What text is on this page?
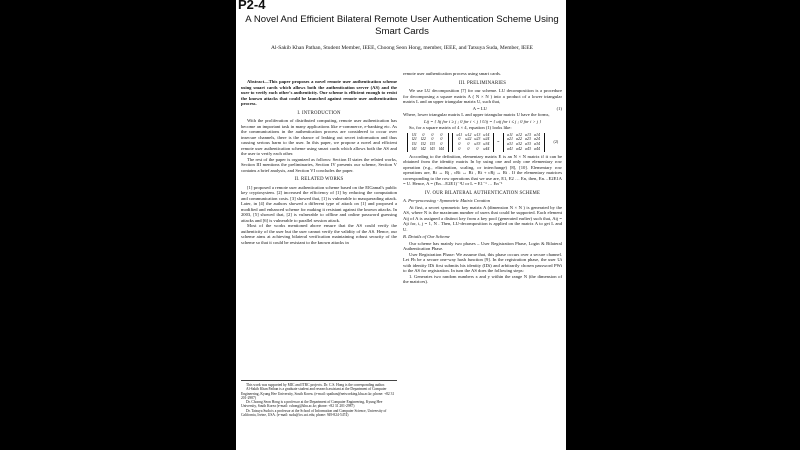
P2-4
A Novel And Efficient Bilateral Remote User Authentication Scheme Using Smart Cards
Al-Sakib Khan Pathan, Student Member, IEEE, Choong Seon Hong, member, IEEE, and Tatsuya Suda, Member, IEEE

Abstract—This paper proposes a novel remote user authentication scheme using smart cards which allows both the authentication server (AS) and the user to verify each other's authenticity. Our scheme is efficient enough to resist the known attacks that could be launched against remote user authentication process.

I. INTRODUCTION

With the proliferation of distributed computing, remote user authentication has become an important task in many applications like e-commerce, e-banking etc. As the communications in the authentication process are considered to occur over insecure channels, there is the chance of leaking out secret information and thus causing serious harm to the user. In this paper, we propose a novel and efficient remote user authentication scheme using smart cards which allows both the AS and the user to verify each other.

The rest of the paper is organized as follows: Section II states the related works, Section III mentions the preliminaries, Section IV presents our scheme, Section V contains a brief analysis, and Section VI concludes the paper.

II. RELATED WORKS

[1] proposed a remote user authentication scheme based on the ElGamal's public key cryptosystem. [2] increased the efficiency of [1] by reducing the computation and communication costs. [3] showed that, [1] is vulnerable to masquerading attack. Later, in [4] the authors showed a different type of attack on [1] and proposed a modified and enhanced scheme for making it resistant against the known attacks. In 2003, [5] showed that, [2] is vulnerable to offline and online password guessing attacks and [6] is vulnerable to parallel session attack.

Most of the works mentioned above ensure that the AS could verify the authenticity of the user but the user cannot verify the validity of the AS. Hence, our scheme aims at achieving bilateral verification maintaining robust security of the scheme so that it could be resistant to the known attacks in

This work was supported by MIC and ITRC projects. Dr. C.S. Hong is the corresponding author.

Al-Sakib Khan Pathan is a graduate student and research assistant at the Department of Computer Engineering, Kyung Hee University, South Korea. (e-mail: spathan@networking.khu.ac.kr; phone: +82 31 201-2987)

Dr. Choong Seon Hong is a professor at the Department of Computer Engineering, Kyung Hee University, South Korea (e-mail: cshong@khu.ac.kr; phone: +82 31 201-2987)

Dr. Tatsuya Suda is a professor at the School of Information and Computer Science, University of California, Irvine, USA. (e-mail: suda@ics.uci.edu; phone: 949-824-5474)

remote user authentication process using smart cards.

III. PRELIMINARIES

We use LU decomposition [7] for our scheme. LU decomposition is a procedure for decomposing a square matrix A ( N × N ) into a product of a lower triangular matrix L and an upper triangular matrix U, such that,

A = LU	(1)

Where, lower triangular matrix L and upper triangular matrix U have the forms,

Lij = { lij for i ≥ j ; 0 for i < j } Uij = { uij for i ≤ j ; 0 for i > j }

So, for a square matrix of 4 × 4, equation (1) looks like:

l11	0	0	0
l21 l22	0	0
l31 l32 l33	0
l41 l42 l43 l44
u11 u12 u13 u14
0	u22 u23 u24
0	0	u33 u34
0	0	0	u44
=
a11 a12 a13 a14
a21 a22 a23 a24
a31 a32 a33 a34
a41 a42 a43 a44
(2)

According to the definition, elementary matrix E is an N × N matrix if it can be obtained from the identity matrix In by using one and only one elementary row operation (e.g., elimination, scaling, or interchange) [8], [10]. Elementary row operations are, Ri ↔ Rj , cRi ↔ Ri , Ri + cRj ↔ Ri . If the elementary matrices corresponding to the row operations that we use are, E1, E2 … En, then, En…E2E1A = U. Hence, A = (En…E2E1)⁻¹U or L = E1⁻¹ … En⁻¹

IV. OUR BILATERAL AUTHENTICATION SCHEME
A. Pre-processing - Symmetric Matrix Creation

At first, a secret symmetric key matrix A (dimension N × N ) is generated by the AS, where N is the maximum number of users that could be supported. Each element Aij of A is assigned a distinct key from a key pool (generated earlier) such that, Aij = Aji for, i, j = 1, N . Then, LU-decomposition is applied on the matrix A to get L and U.

B. Details of Our Scheme

Our scheme has mainly two phases – User Registration Phase, Login & Bilateral Authentication Phase.

User Registration Phase: We assume that, this phase occurs over a secure channel. Let Fh be a secure one-way hash function [9]. In the registration phase, the user Ui with identity IDi first submits his identity (IDi) and arbitrarily chosen password PWi to the AS for registration. In turn the AS does the following steps:

1. Generates two random numbers x and y within the range N (the dimension of the matrices).
